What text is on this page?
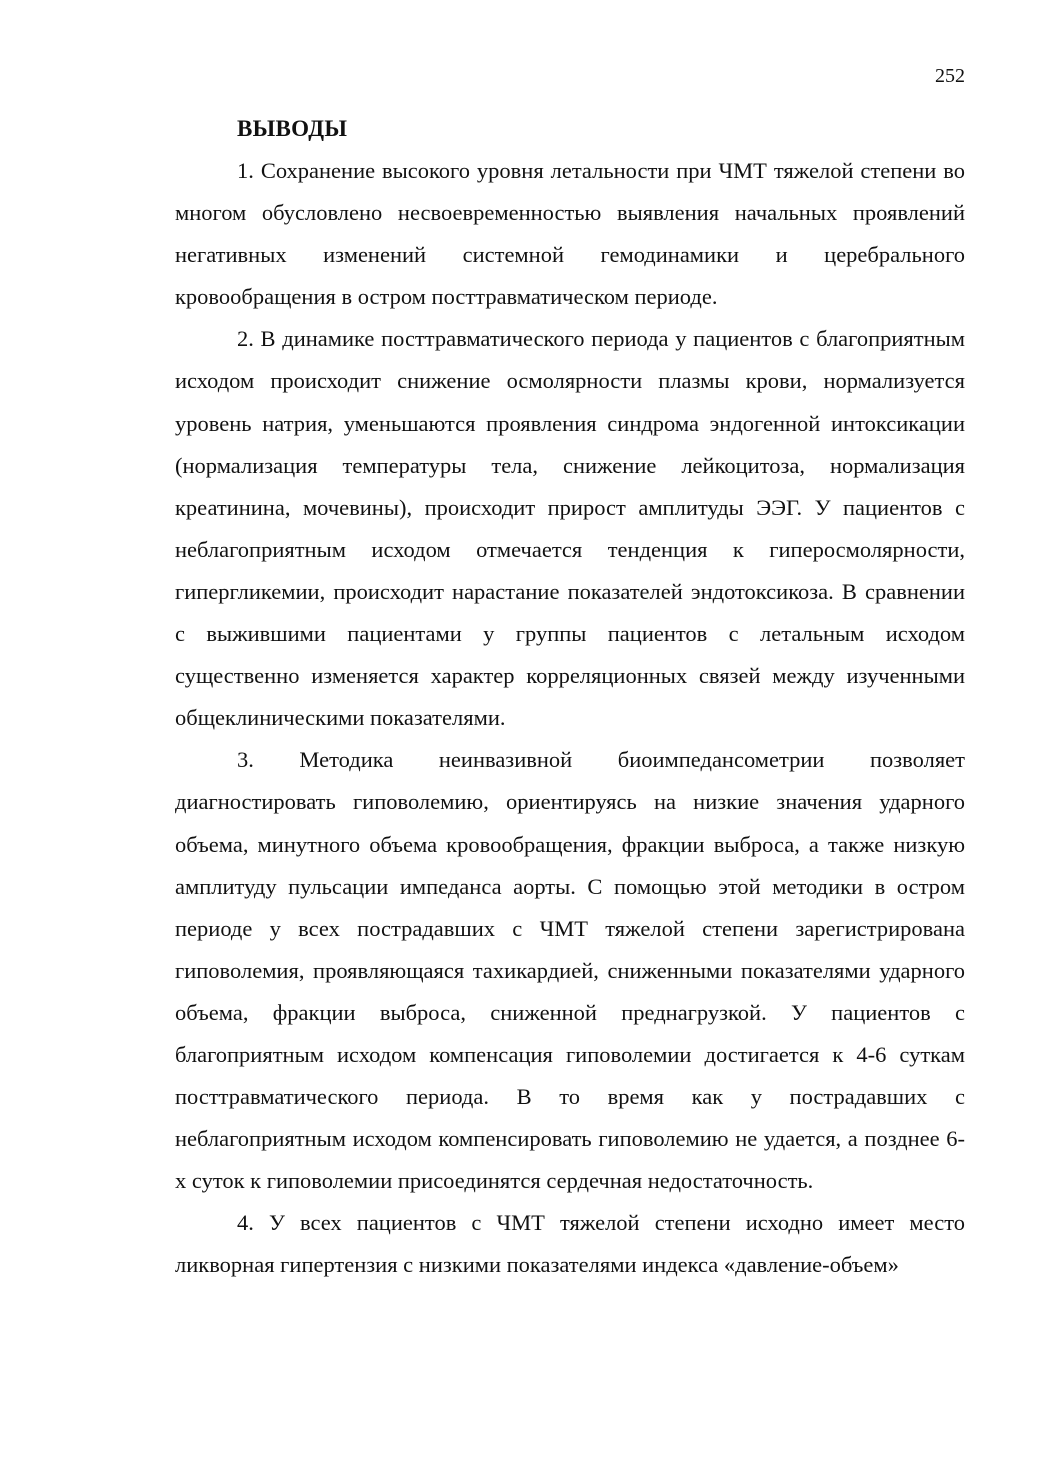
252
ВЫВОДЫ

1. Сохранение высокого уровня летальности при ЧМТ тяжелой степени во многом обусловлено несвоевременностью выявления начальных проявлений негативных изменений системной гемодинамики и церебрального кровообращения в остром посттравматическом периоде.

2. В динамике посттравматического периода у пациентов с благоприятным исходом происходит снижение осмолярности плазмы крови, нормализуется уровень натрия, уменьшаются проявления синдрома эндогенной интоксикации (нормализация температуры тела, снижение лейкоцитоза, нормализация креатинина, мочевины), происходит прирост амплитуды ЭЭГ. У пациентов с неблагоприятным исходом отмечается тенденция к гиперосмолярности, гипергликемии, происходит нарастание показателей эндотоксикоза. В сравнении с выжившими пациентами у группы пациентов с летальным исходом существенно изменяется характер корреляционных связей между изученными общеклиническими показателями.

3. Методика неинвазивной биоимпедансометрии позволяет диагностировать гиповолемию, ориентируясь на низкие значения ударного объема, минутного объема кровообращения, фракции выброса, а также низкую амплитуду пульсации импеданса аорты. С помощью этой методики в остром периоде у всех пострадавших с ЧМТ тяжелой степени зарегистрирована гиповолемия, проявляющаяся тахикардией, сниженными показателями ударного объема, фракции выброса, сниженной преднагрузкой. У пациентов с благоприятным исходом компенсация гиповолемии достигается к 4-6 суткам посттравматического периода. В то время как у пострадавших с неблагоприятным исходом компенсировать гиповолемию не удается, а позднее 6-х суток к гиповолемии присоединятся сердечная недостаточность.

4. У всех пациентов с ЧМТ тяжелой степени исходно имеет место ликворная гипертензия с низкими показателями индекса «давление-объем»
